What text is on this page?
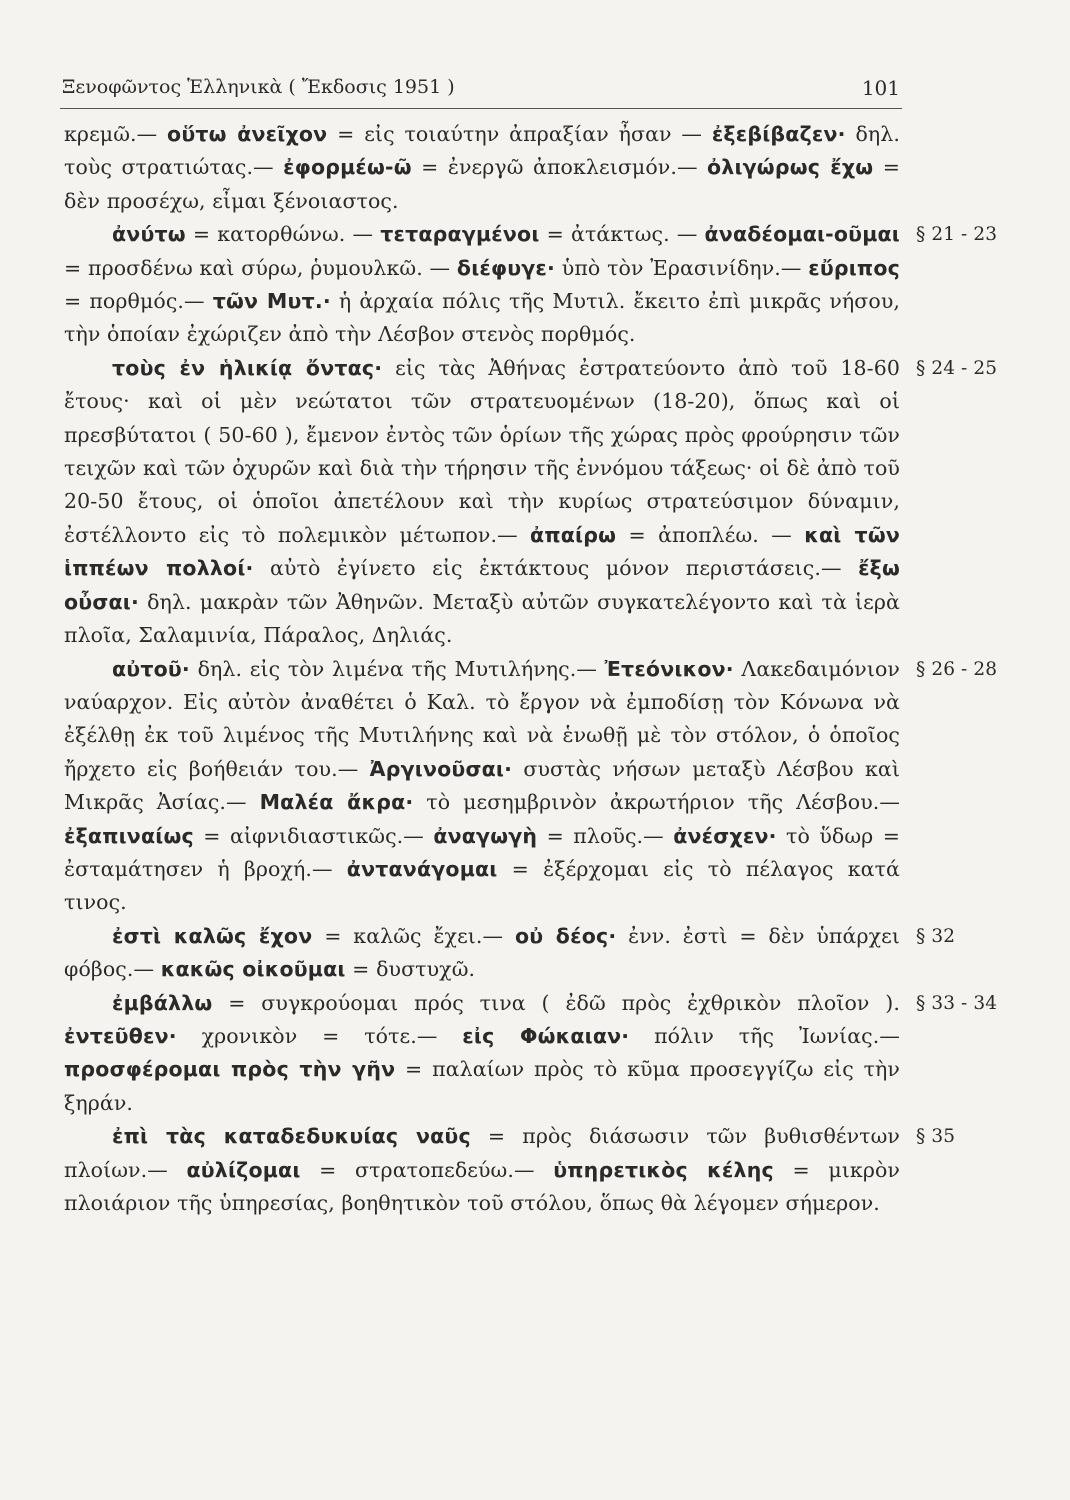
Ξενοφῶντος Ἑλληνικὰ ( Ἔκδοσις 1951 )	101

κρεμῶ.— οὕτω ἀνεῖχον = εἰς τοιαύτην ἀπραξίαν ἦσαν — ἐξεβίβαζεν· δηλ. τοὺς στρατιώτας.— ἐφορμέω-ῶ = ἐνεργῶ ἀποκλεισμόν.— ὀλιγώρως ἔχω = δὲν προσέχω, εἶμαι ξένοιαστος.

ἀνύτω = κατορθώνω. — τεταραγμένοι = ἀτάκτως. — ἀναδέομαι-οῦμαι = προσδένω καὶ σύρω, ῥυμουλκῶ. — διέφυγε· ὑπὸ τὸν Ἐρασινίδην.— εὔριπος = πορθμός.— τῶν Μυτ.· ἡ ἀρχαία πόλις τῆς Μυτιλ. ἔκειτο ἐπὶ μικρᾶς νήσου, τὴν ὁποίαν ἐχώριζεν ἀπὸ τὴν Λέσβον στενὸς πορθμός.
§ 21 - 23

τοὺς ἐν ἡλικίᾳ ὄντας· εἰς τὰς Ἀθήνας ἐστρατεύοντο ἀπὸ τοῦ 18-60 ἔτους· καὶ οἱ μὲν νεώτατοι τῶν στρατευομένων (18-20), ὅπως καὶ οἱ πρεσβύτατοι ( 50-60 ), ἔμενον ἐντὸς τῶν ὁρίων τῆς χώρας πρὸς φρούρησιν τῶν τειχῶν καὶ τῶν ὀχυρῶν καὶ διὰ τὴν τήρησιν τῆς ἐννόμου τάξεως· οἱ δὲ ἀπὸ τοῦ 20-50 ἔτους, οἱ ὁποῖοι ἀπετέλουν καὶ τὴν κυρίως στρατεύσιμον δύναμιν, ἐστέλλοντο εἰς τὸ πολεμικὸν μέτωπον.— ἀπαίρω = ἀποπλέω. — καὶ τῶν ἱππέων πολλοί· αὐτὸ ἐγίνετο εἰς ἐκτάκτους μόνον περιστάσεις.— ἔξω οὖσαι· δηλ. μακρὰν τῶν Ἀθηνῶν. Μεταξὺ αὐτῶν συγκατελέγοντο καὶ τὰ ἱερὰ πλοῖα, Σαλαμινία, Πάραλος, Δηλιάς.
§ 24 - 25

αὐτοῦ· δηλ. εἰς τὸν λιμένα τῆς Μυτιλήνης.— Ἐτεόνικον· Λακεδαιμόνιον ναύαρχον. Εἰς αὐτὸν ἀναθέτει ὁ Καλ. τὸ ἔργον νὰ ἐμποδίσῃ τὸν Κόνωνα νὰ ἐξέλθῃ ἐκ τοῦ λιμένος τῆς Μυτιλήνης καὶ νὰ ἑνωθῇ μὲ τὸν στόλον, ὁ ὁποῖος ἤρχετο εἰς βοήθειάν του.— Ἀργινοῦσαι· συστὰς νήσων μεταξὺ Λέσβου καὶ Μικρᾶς Ἀσίας.— Μαλέα ἄκρα· τὸ μεσημβρινὸν ἀκρωτήριον τῆς Λέσβου.— ἐξαπιναίως = αἰφνιδιαστικῶς.— ἀναγωγὴ = πλοῦς.— ἀνέσχεν· τὸ ὕδωρ = ἐσταμάτησεν ἡ βροχή.— ἀντανάγομαι = ἐξέρχομαι εἰς τὸ πέλαγος κατά τινος.
§ 26 - 28

ἐστὶ καλῶς ἔχον = καλῶς ἔχει.— οὐ δέος· ἐνν. ἐστὶ = δὲν ὑπάρχει φόβος.— κακῶς οἰκοῦμαι = δυστυχῶ.
§ 32

ἐμβάλλω = συγκρούομαι πρός τινα ( ἐδῶ πρὸς ἐχθρικὸν πλοῖον ). ἐντεῦθεν· χρονικὸν = τότε.— εἰς Φώκαιαν· πόλιν τῆς Ἰωνίας.— προσφέρομαι πρὸς τὴν γῆν = παλαίων πρὸς τὸ κῦμα προσεγγίζω εἰς τὴν ξηράν.
§ 33 - 34

ἐπὶ τὰς καταδεδυκυίας ναῦς = πρὸς διάσωσιν τῶν βυθισθέντων πλοίων.— αὐλίζομαι = στρατοπεδεύω.— ὑπηρετικὸς κέλης = μικρὸν πλοιάριον τῆς ὑπηρεσίας, βοηθητικὸν τοῦ στόλου, ὅπως θὰ λέγομεν σήμερον.
§ 35
